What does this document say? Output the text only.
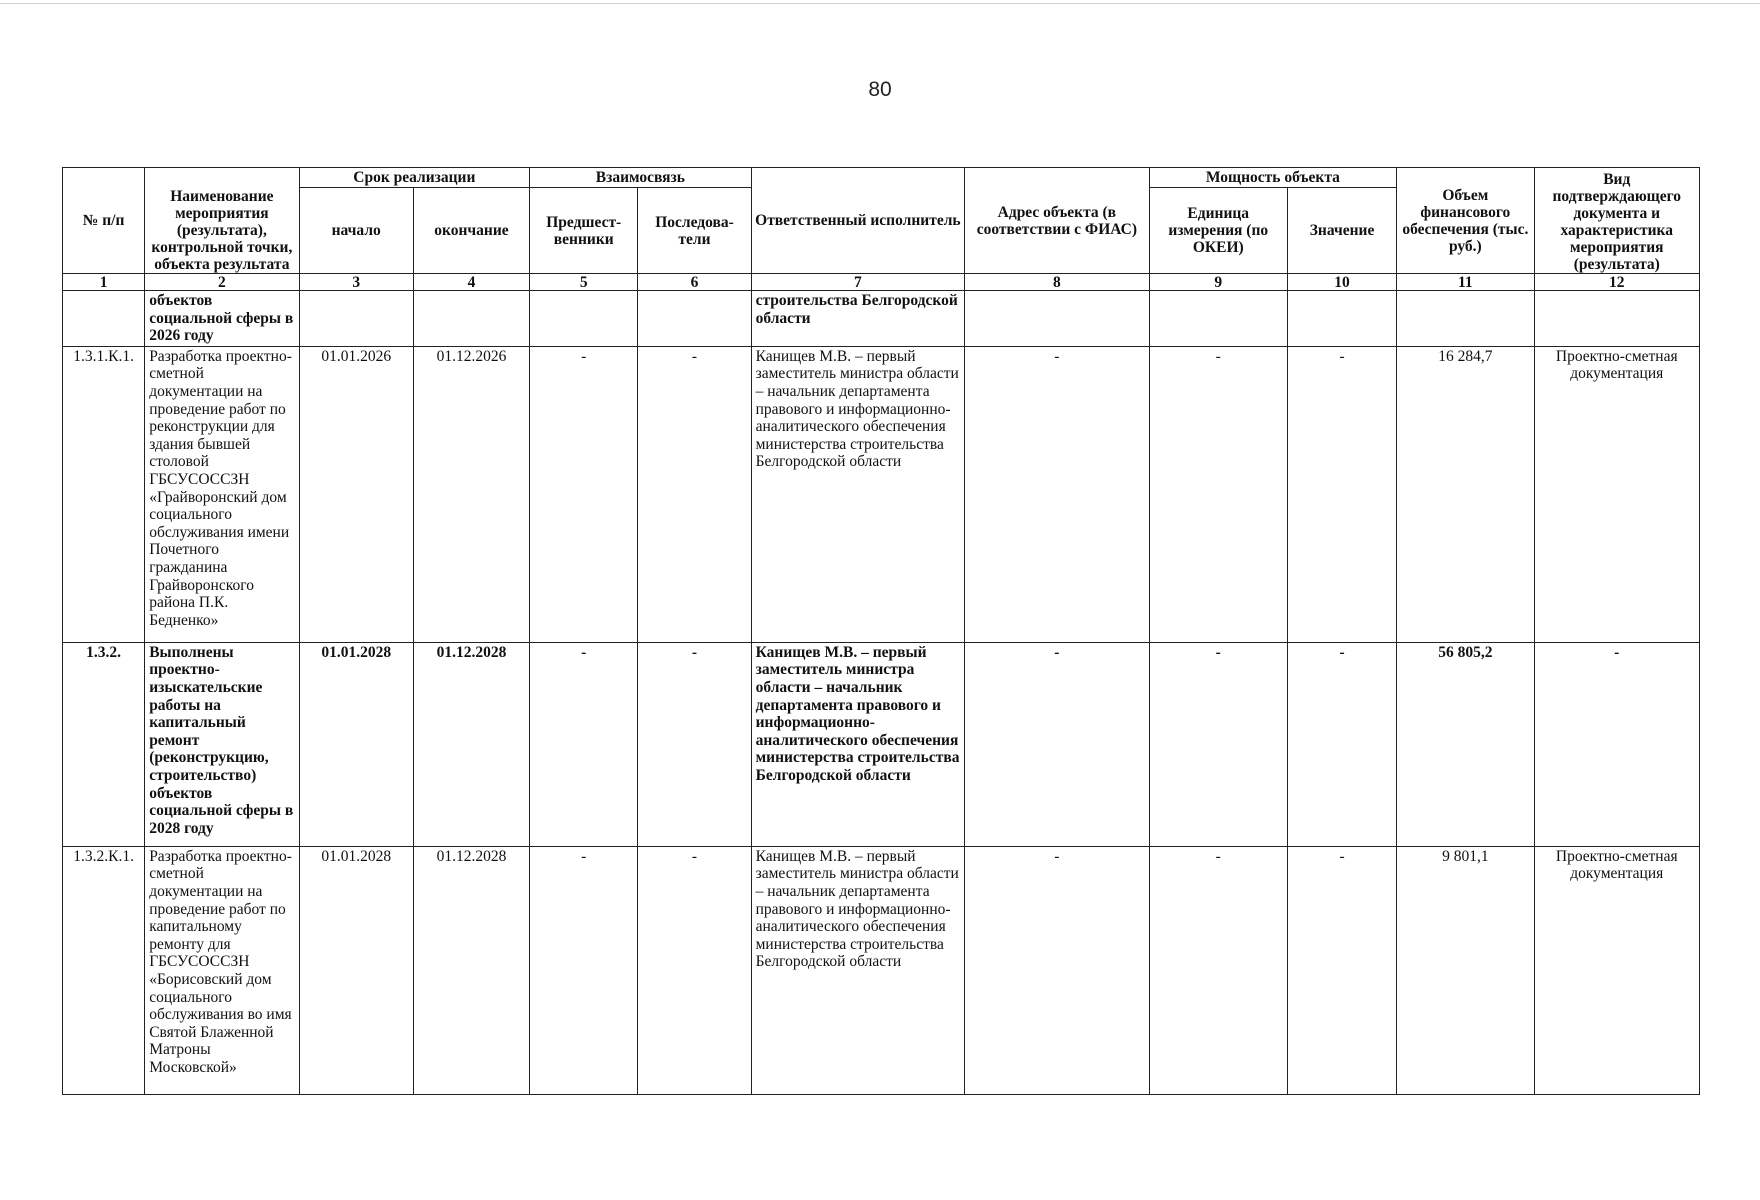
80
№ п/п	Наименование мероприятия (результата), контрольной точки, объекта результата	Срок реализации		Взаимосвязь		Ответственный исполнитель	Адрес объекта (в соответствии с ФИАС)	Мощность объекта		Объем финансового обеспечения (тыс. руб.)	Вид подтверждающего документа и характеристика мероприятия (результата)
		начало	окончание	Предшест-венники	Последова-тели			Единица измерения (по ОКЕИ)	Значение		
1	2	3	4	5	6	7	8	9	10	11	12
	объектов социальной сферы в 2026 году					строительства Белгородской области					
1.3.1.К.1.	Разработка проектно-сметной документации на проведение работ по реконструкции для здания бывшей столовой ГБСУСОССЗН «Грайворонский дом социального обслуживания имени Почетного гражданина Грайворонского района П.К. Бедненко»	01.01.2026	01.12.2026	-	-	Канищев М.В. – первый заместитель министра области – начальник департамента правового и информационно-аналитического обеспечения министерства строительства Белгородской области	-	-	-	16 284,7	Проектно-сметная документация
1.3.2.	Выполнены проектно-изыскательские работы на капитальный ремонт (реконструкцию, строительство) объектов социальной сферы в 2028 году	01.01.2028	01.12.2028	-	-	Канищев М.В. – первый заместитель министра области – начальник департамента правового и информационно-аналитического обеспечения министерства строительства Белгородской области	-	-	-	56 805,2	-
1.3.2.К.1.	Разработка проектно-сметной документации на проведение работ по капитальному ремонту для ГБСУСОССЗН «Борисовский дом социального обслуживания во имя Святой Блаженной Матроны Московской»	01.01.2028	01.12.2028	-	-	Канищев М.В. – первый заместитель министра области – начальник департамента правового и информационно-аналитического обеспечения министерства строительства Белгородской области	-	-	-	9 801,1	Проектно-сметная документация
